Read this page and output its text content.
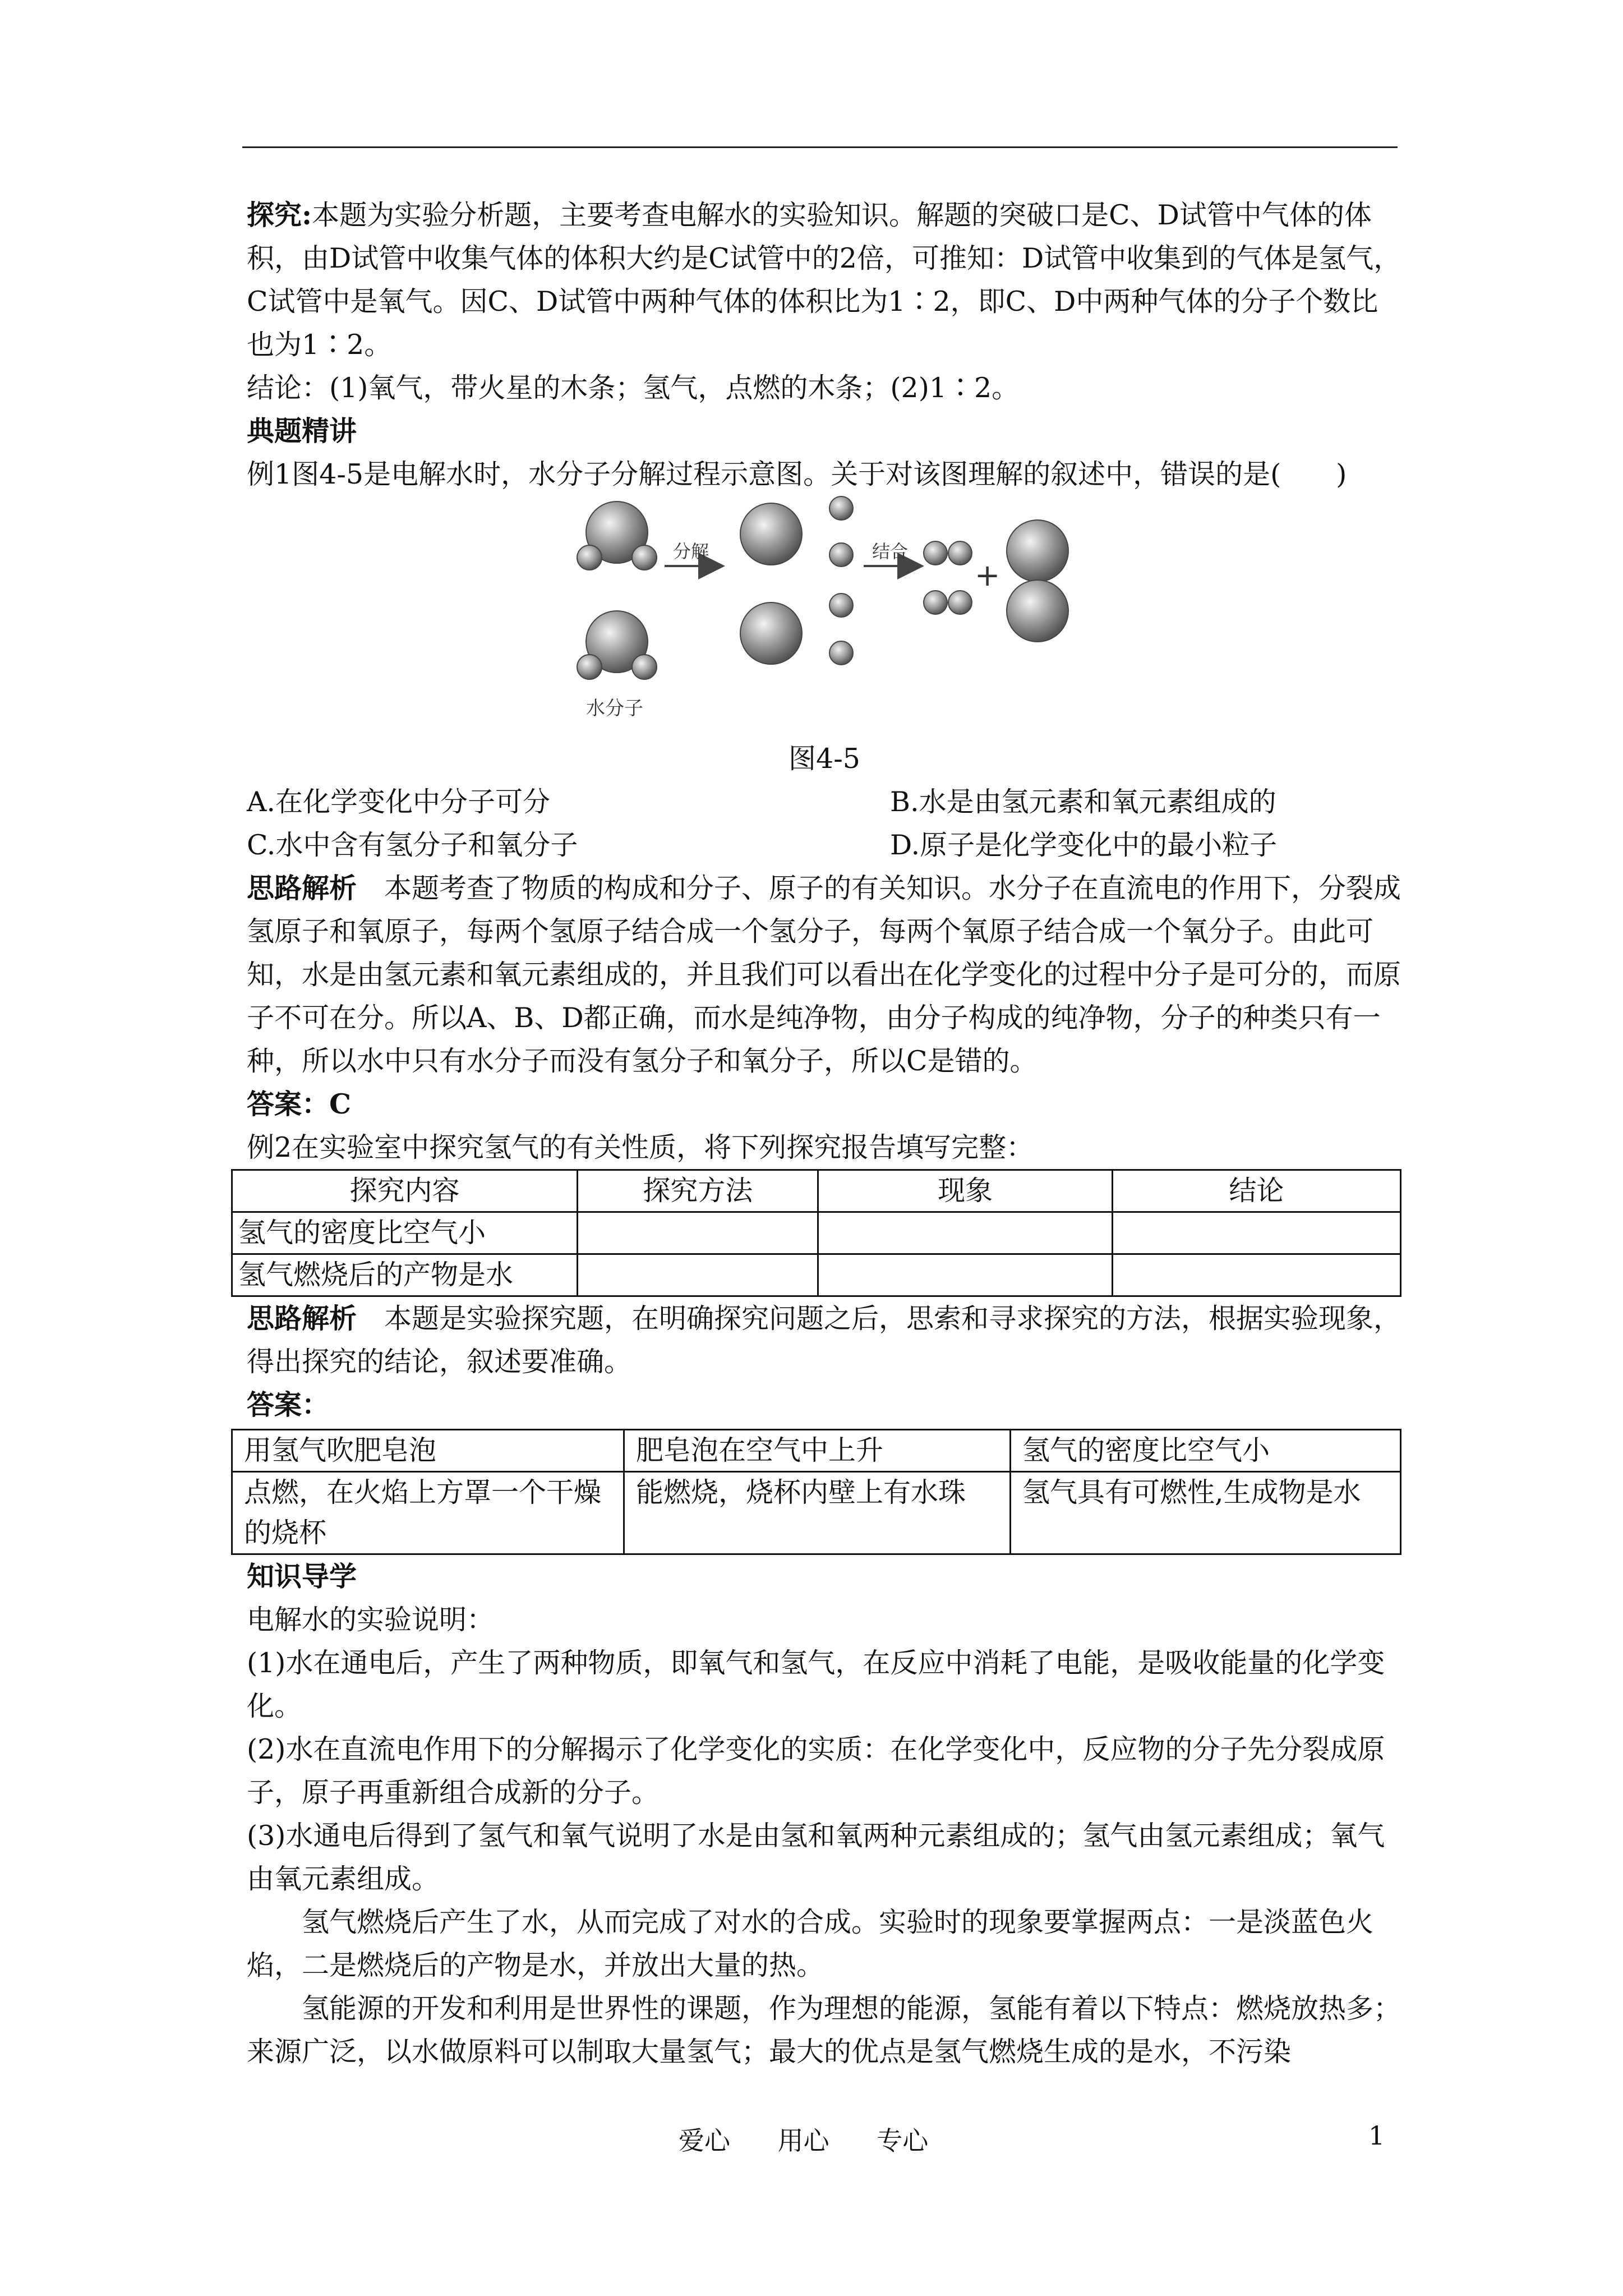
探究:本题为实验分析题，主要考查电解水的实验知识。解题的突破口是C、D试管中气体的体积，由D试管中收集气体的体积大约是C试管中的2倍，可推知：D试管中收集到的气体是氢气，C试管中是氧气。因C、D试管中两种气体的体积比为1∶2，即C、D中两种气体的分子个数比也为1∶2。

结论：(1)氧气，带火星的木条；氢气，点燃的木条；(2)1∶2。

典题精讲

例1图4-5是电解水时，水分子分解过程示意图。关于对该图理解的叙述中，错误的是(　　)

分解	结合
+
水分子

图4-5

A.在化学变化中分子可分	B.水是由氢元素和氧元素组成的
C.水中含有氢分子和氧分子	D.原子是化学变化中的最小粒子

思路解析  本题考查了物质的构成和分子、原子的有关知识。水分子在直流电的作用下，分裂成氢原子和氧原子，每两个氢原子结合成一个氢分子，每两个氧原子结合成一个氧分子。由此可知，水是由氢元素和氧元素组成的，并且我们可以看出在化学变化的过程中分子是可分的，而原子不可在分。所以A、B、D都正确，而水是纯净物，由分子构成的纯净物，分子的种类只有一种，所以水中只有水分子而没有氢分子和氧分子，所以C是错的。

答案：C

例2在实验室中探究氢气的有关性质，将下列探究报告填写完整：

探究内容	探究方法	现象	结论
氢气的密度比空气小			
氢气燃烧后的产物是水			

思路解析  本题是实验探究题，在明确探究问题之后，思索和寻求探究的方法，根据实验现象，得出探究的结论，叙述要准确。

答案：

用氢气吹肥皂泡	肥皂泡在空气中上升	氢气的密度比空气小
点燃，在火焰上方罩一个干燥的烧杯	能燃烧，烧杯内壁上有水珠	氢气具有可燃性,生成物是水

知识导学

电解水的实验说明：

(1)水在通电后，产生了两种物质，即氧气和氢气，在反应中消耗了电能，是吸收能量的化学变化。

(2)水在直流电作用下的分解揭示了化学变化的实质：在化学变化中，反应物的分子先分裂成原子，原子再重新组合成新的分子。

(3)水通电后得到了氢气和氧气说明了水是由氢和氧两种元素组成的；氢气由氢元素组成；氧气由氧元素组成。

氢气燃烧后产生了水，从而完成了对水的合成。实验时的现象要掌握两点：一是淡蓝色火焰，二是燃烧后的产物是水，并放出大量的热。

氢能源的开发和利用是世界性的课题，作为理想的能源，氢能有着以下特点：燃烧放热多；来源广泛，以水做原料可以制取大量氢气；最大的优点是氢气燃烧生成的是水，不污染

爱心 用心 专心	1
